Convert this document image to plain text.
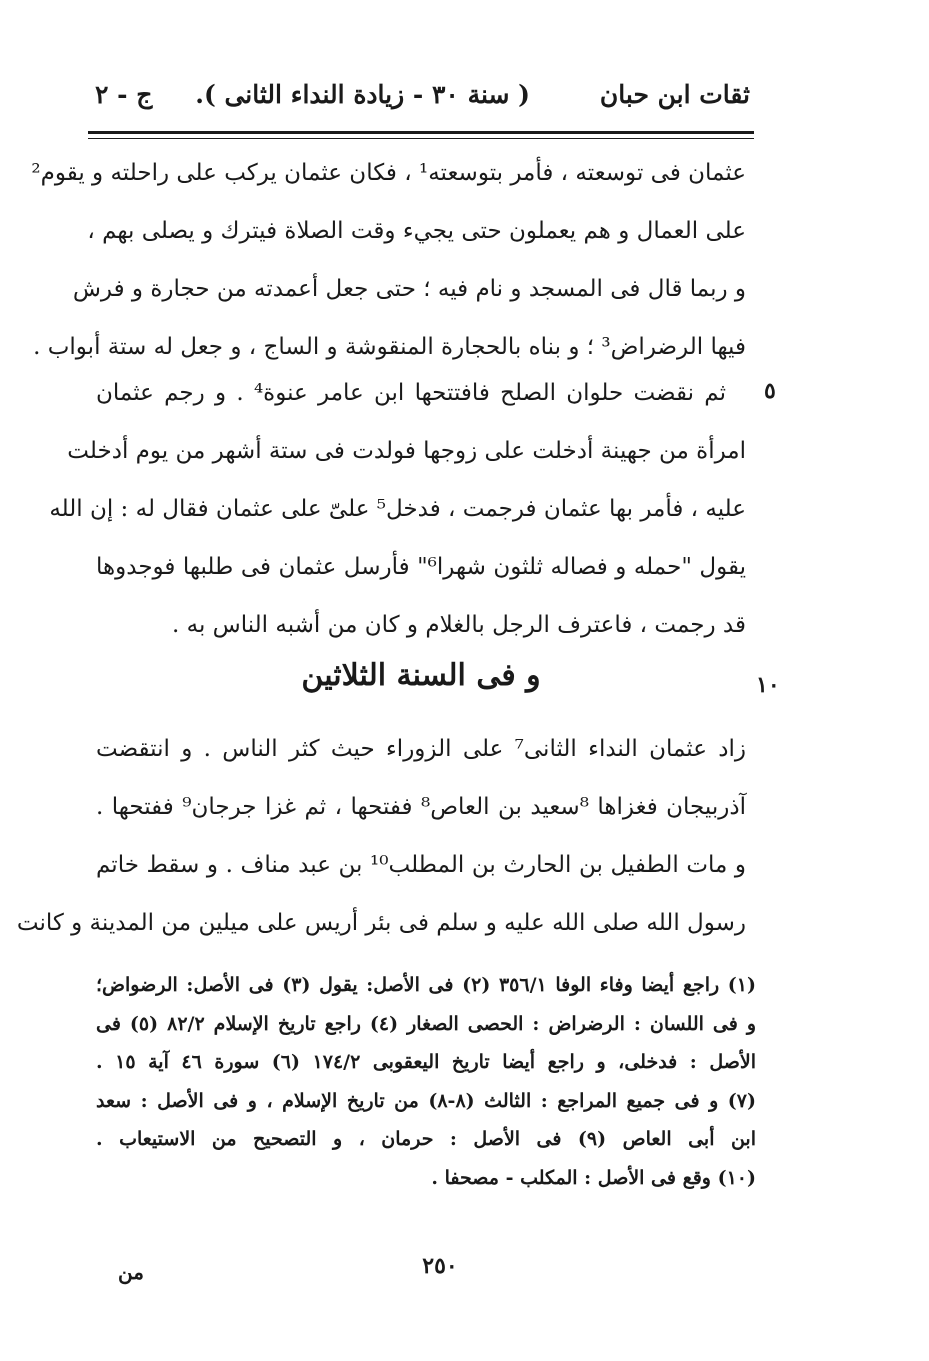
ثقات ابن حبان
( سنة ٣٠ - زيادة النداء الثانى ).
ج - ٢
عثمان فى توسعته ، فأمر بتوسعته¹ ، فكان عثمان يركب على راحلته و يقوم²
على العمال و هم يعملون حتى يجيء وقت الصلاة فيترك و يصلى بهم ،
و ربما قال فى المسجد و نام فيه ؛ حتى جعل أعمدته من حجارة و فرش
فيها الرضراض³ ؛ و بناه بالحجارة المنقوشة و الساج ، و جعل له ستة أبواب .
٥
ثم نقضت حلوان الصلح فافتتحها ابن عامر عنوة⁴ . و رجم عثمان
امرأة من جهينة أدخلت على زوجها فولدت فى ستة أشهر من يوم أدخلت
عليه ، فأمر بها عثمان فرجمت ، فدخل⁵ علىّ على عثمان فقال له : إن الله
يقول "حمله و فصاله ثلثون شهرا⁶" فأرسل عثمان فى طلبها فوجدوها
قد رجمت ، فاعترف الرجل بالغلام و كان من أشبه الناس به .
١٠
و فى السنة الثلاثين
زاد عثمان النداء الثانى⁷ على الزوراء حيث كثر الناس . و انتقضت
آذربيجان فغزاها ⁸سعيد بن العاص⁸ ففتحها ، ثم غزا جرجان⁹ ففتحها .
و مات الطفيل بن الحارث بن المطلب¹⁰ بن عبد مناف . و سقط خاتم
رسول الله صلى الله عليه و سلم فى بئر أريس على ميلين من المدينة و كانت
(١) راجع أيضا وفاء الوفا ٣٥٦/١ (٢) فى الأصل: يقول (٣) فى الأصل: الرضواض؛
و فى اللسان : الرضراض : الحصى الصغار (٤) راجع تاريخ الإسلام ٨٢/٢ (٥) فى
الأصل : فدخلى، و راجع أيضا تاريخ اليعقوبى ١٧٤/٢ (٦) سورة ٤٦ آية ١٥ .
(٧) و فى جميع المراجع : الثالث (٨-٨) من تاريخ الإسلام ، و فى الأصل : سعد
ابن أبى العاص (٩) فى الأصل : حرمان ، و التصحيح من الاستيعاب .
(١٠) وقع فى الأصل : المكلب - مصحفا .
٢٥٠
من
